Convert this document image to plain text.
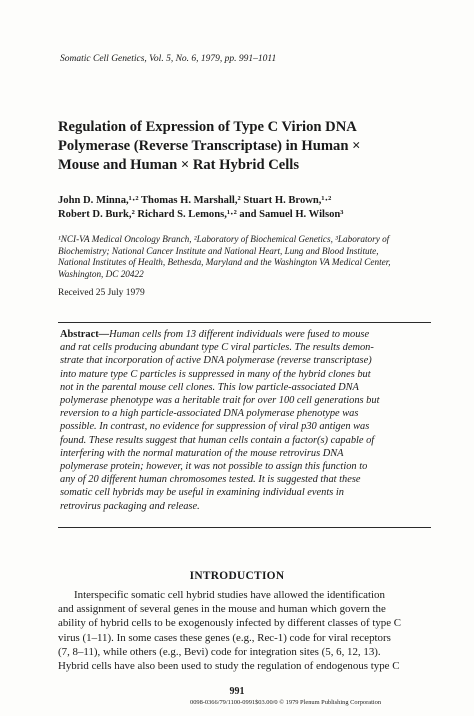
Somatic Cell Genetics, Vol. 5, No. 6, 1979, pp. 991–1011
Regulation of Expression of Type C Virion DNA
Polymerase (Reverse Transcriptase) in Human ×
Mouse and Human × Rat Hybrid Cells
John D. Minna,¹·² Thomas H. Marshall,² Stuart H. Brown,¹·²
Robert D. Burk,² Richard S. Lemons,¹·² and Samuel H. Wilson³
¹NCI-VA Medical Oncology Branch, ²Laboratory of Biochemical Genetics, ³Laboratory of
Biochemistry; National Cancer Institute and National Heart, Lung and Blood Institute,
National Institutes of Health, Bethesda, Maryland and the Washington VA Medical Center,
Washington, DC 20422
Received 25 July 1979
Abstract—Human cells from 13 different individuals were fused to mouse
and rat cells producing abundant type C viral particles. The results demon-
strate that incorporation of active DNA polymerase (reverse transcriptase)
into mature type C particles is suppressed in many of the hybrid clones but
not in the parental mouse cell clones. This low particle-associated DNA
polymerase phenotype was a heritable trait for over 100 cell generations but
reversion to a high particle-associated DNA polymerase phenotype was
possible. In contrast, no evidence for suppression of viral p30 antigen was
found. These results suggest that human cells contain a factor(s) capable of
interfering with the normal maturation of the mouse retrovirus DNA
polymerase protein; however, it was not possible to assign this function to
any of 20 different human chromosomes tested. It is suggested that these
somatic cell hybrids may be useful in examining individual events in
retrovirus packaging and release.
INTRODUCTION
Interspecific somatic cell hybrid studies have allowed the identification
and assignment of several genes in the mouse and human which govern the
ability of hybrid cells to be exogenously infected by different classes of type C
virus (1–11). In some cases these genes (e.g., Rec-1) code for viral receptors
(7, 8–11), while others (e.g., Bevi) code for integration sites (5, 6, 12, 13).
Hybrid cells have also been used to study the regulation of endogenous type C
991
0098-0366/79/1100-0991$03.00/0 © 1979 Plenum Publishing Corporation
